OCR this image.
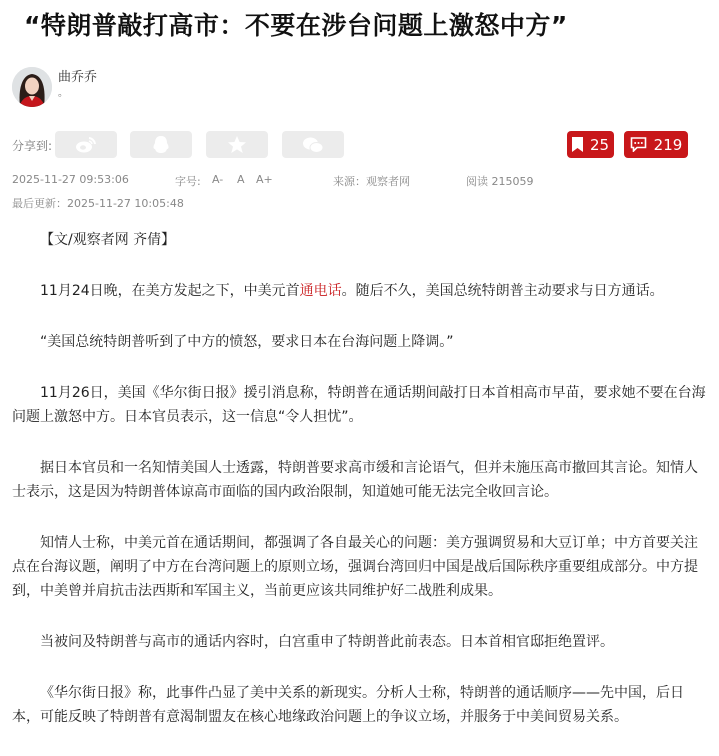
“特朗普敲打高市：不要在涉台问题上激怒中方”
曲乔乔
。
分享到:	25	219
2025-11-27 09:53:06	字号: A- A A+	来源：观察者网	阅读 215059
最后更新：2025-11-27 10:05:48

【文/观察者网 齐倩】

11月24日晚，在美方发起之下，中美元首通电话。随后不久，美国总统特朗普主动要求与日方通话。

“美国总统特朗普听到了中方的愤怒，要求日本在台海问题上降调。”

11月26日，美国《华尔街日报》援引消息称，特朗普在通话期间敲打日本首相高市早苗，要求她不要在台海问题上激怒中方。日本官员表示，这一信息“令人担忧”。

据日本官员和一名知情美国人士透露，特朗普要求高市缓和言论语气，但并未施压高市撤回其言论。知情人士表示，这是因为特朗普体谅高市面临的国内政治限制，知道她可能无法完全收回言论。

知情人士称，中美元首在通话期间，都强调了各自最关心的问题：美方强调贸易和大豆订单；中方首要关注点在台海议题，阐明了中方在台湾问题上的原则立场，强调台湾回归中国是战后国际秩序重要组成部分。中方提到，中美曾并肩抗击法西斯和军国主义，当前更应该共同维护好二战胜利成果。

当被问及特朗普与高市的通话内容时，白宫重申了特朗普此前表态。日本首相官邸拒绝置评。

《华尔街日报》称，此事件凸显了美中关系的新现实。分析人士称，特朗普的通话顺序——先中国，后日本，可能反映了特朗普有意渴制盟友在核心地缘政治问题上的争议立场，并服务于中美间贸易关系。
